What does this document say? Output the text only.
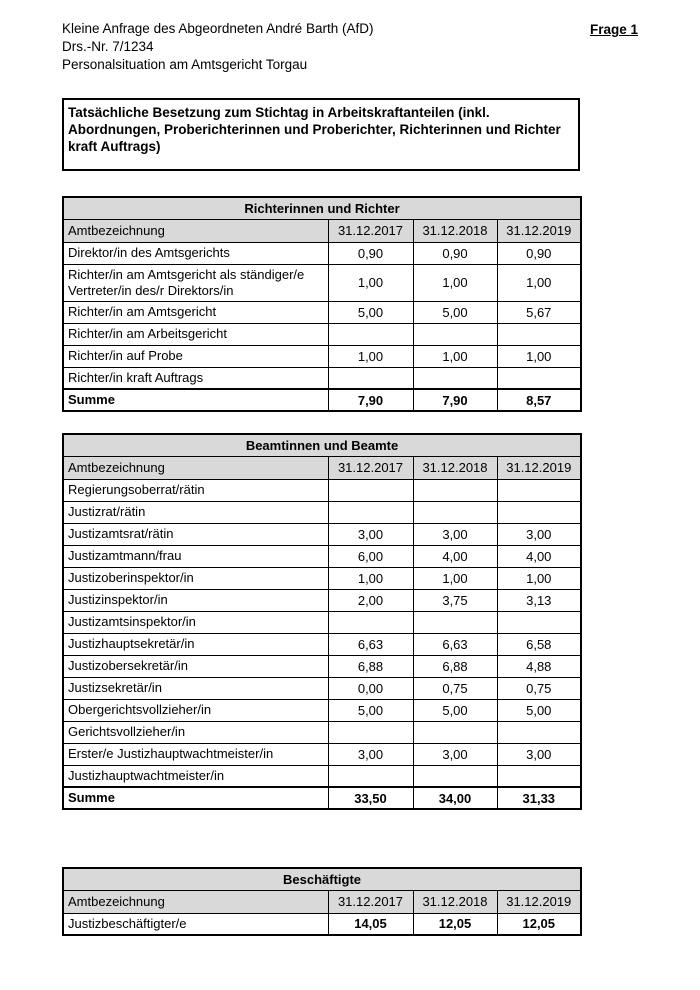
Kleine Anfrage des Abgeordneten André Barth (AfD)
Drs.-Nr. 7/1234
Personalsituation am Amtsgericht Torgau
Frage 1
Tatsächliche Besetzung zum Stichtag in Arbeitskraftanteilen (inkl. Abordnungen, Proberichterinnen und Proberichter, Richterinnen und Richter kraft Auftrags)
Richterinnen und Richter			
Amtbezeichnung	31.12.2017	31.12.2018	31.12.2019
Direktor/in des Amtsgerichts	0,90	0,90	0,90
Richter/in am Amtsgericht als ständiger/e Vertreter/in des/r Direktors/in	1,00	1,00	1,00
Richter/in am Amtsgericht	5,00	5,00	5,67
Richter/in am Arbeitsgericht			
Richter/in auf Probe	1,00	1,00	1,00
Richter/in kraft Auftrags			
Summe	7,90	7,90	8,57
Beamtinnen und Beamte			
Amtbezeichnung	31.12.2017	31.12.2018	31.12.2019
Regierungsoberrat/rätin			
Justizrat/rätin			
Justizamtsrat/rätin	3,00	3,00	3,00
Justizamtmann/frau	6,00	4,00	4,00
Justizoberinspektor/in	1,00	1,00	1,00
Justizinspektor/in	2,00	3,75	3,13
Justizamtsinspektor/in			
Justizhauptsekretär/in	6,63	6,63	6,58
Justizobersekretär/in	6,88	6,88	4,88
Justizsekretär/in	0,00	0,75	0,75
Obergerichtsvollzieher/in	5,00	5,00	5,00
Gerichtsvollzieher/in			
Erster/e Justizhauptwachtmeister/in	3,00	3,00	3,00
Justizhauptwachtmeister/in			
Summe	33,50	34,00	31,33
Beschäftigte			
Amtbezeichnung	31.12.2017	31.12.2018	31.12.2019
Justizbeschäftigter/e	14,05	12,05	12,05
